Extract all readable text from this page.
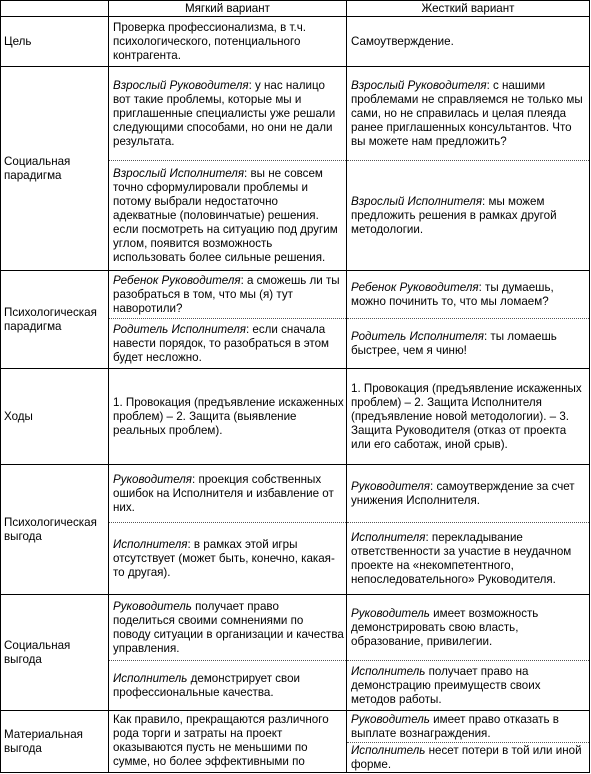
	Мягкий вариант	Жесткий вариант
Цель	Проверка профессионализма, в т.ч. психологического, потенциального контрагента.	Самоутверждение.
Социальная парадигма	Взрослый Руководителя: у нас налицо вот такие проблемы, которые мы и приглашенные специалисты уже решали следующими способами, но они не дали результата.	Взрослый Руководителя: с нашими проблемами не справляемся не только мы сами, но не справилась и целая плеяда ранее приглашенных консультантов. Что вы можете нам предложить?
	Взрослый Исполнителя: вы не совсем точно сформулировали проблемы и потому выбрали недостаточно адекватные (половинчатые) решения. если посмотреть на ситуацию под другим углом, появится возможность использовать более сильные решения.	Взрослый Исполнителя: мы можем предложить решения в рамках другой методологии.
Психологическая парадигма	Ребенок Руководителя: а сможешь ли ты разобраться в том, что мы (я) тут наворотили?	Ребенок Руководителя: ты думаешь, можно починить то, что мы ломаем?
	Родитель Исполнителя: если сначала навести порядок, то разобраться в этом будет несложно.	Родитель Исполнителя: ты ломаешь быстрее, чем я чиню!
Ходы	1. Провокация (предъявление искаженных проблем) – 2. Защита (выявление реальных проблем).	1. Провокация (предъявление искаженных проблем) – 2. Защита Исполнителя (предъявление новой методологии). – 3. Защита Руководителя (отказ от проекта или его саботаж, иной срыв).
Психологическая выгода	Руководителя: проекция собственных ошибок на Исполнителя и избавление от них.	Руководителя: самоутверждение за счет унижения Исполнителя.
	Исполнителя: в рамках этой игры отсутствует (может быть, конечно, какая-то другая).	Исполнителя: перекладывание ответственности за участие в неудачном проекте на «некомпетентного, непоследовательного» Руководителя.
Социальная выгода	Руководитель получает право поделиться своими сомнениями по поводу ситуации в организации и качества управления.	Руководитель имеет возможность демонстрировать свою власть, образование, привилегии.
	Исполнитель демонстрирует свои профессиональные качества.	Исполнитель получает право на демонстрацию преимуществ своих методов работы.
Материальная выгода	Как правило, прекращаются различного рода торги и затраты на проект оказываются пусть не меньшими по сумме, но более эффективными по	Руководитель имеет право отказать в выплате вознаграждения.
		Исполнитель несет потери в той или иной форме.
